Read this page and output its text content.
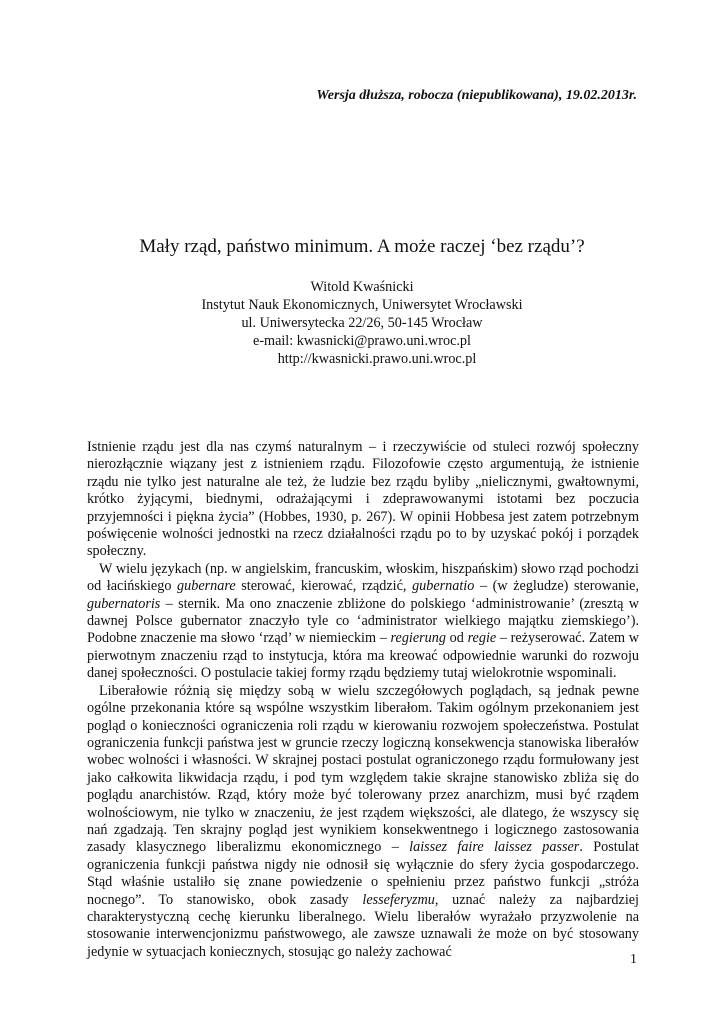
Wersja dłuższa, robocza (niepublikowana), 19.02.2013r.
Mały rząd, państwo minimum. A może raczej ‘bez rządu’?
Witold Kwaśnicki
Instytut Nauk Ekonomicznych, Uniwersytet Wrocławski
ul. Uniwersytecka 22/26, 50-145 Wrocław
e-mail: kwasnicki@prawo.uni.wroc.pl
http://kwasnicki.prawo.uni.wroc.pl

Istnienie rządu jest dla nas czymś naturalnym – i rzeczywiście od stuleci rozwój społeczny nierozłącznie wiązany jest z istnieniem rządu. Filozofowie często argumentują, że istnienie rządu nie tylko jest naturalne ale też, że ludzie bez rządu byliby „nielicznymi, gwałtownymi, krótko żyjącymi, biednymi, odrażającymi i zdeprawowanymi istotami bez poczucia przyjemności i piękna życia” (Hobbes, 1930, p. 267). W opinii Hobbesa jest zatem potrzebnym poświęcenie wolności jednostki na rzecz działalności rządu po to by uzyskać pokój i porządek społeczny.

W wielu językach (np. w angielskim, francuskim, włoskim, hiszpańskim) słowo rząd pochodzi od łacińskiego gubernare sterować, kierować, rządzić, gubernatio – (w żegludze) sterowanie, gubernatoris – sternik. Ma ono znaczenie zbliżone do polskiego ‘administrowanie’ (zresztą w dawnej Polsce gubernator znaczyło tyle co ‘administrator wielkiego majątku ziemskiego’). Podobne znaczenie ma słowo ‘rząd’ w niemieckim – regierung od regie – reżyserować. Zatem w pierwotnym znaczeniu rząd to instytucja, która ma kreować odpowiednie warunki do rozwoju danej społeczności. O postulacie takiej formy rządu będziemy tutaj wielokrotnie wspominali.

Liberałowie różnią się między sobą w wielu szczegółowych poglądach, są jednak pewne ogólne przekonania które są wspólne wszystkim liberałom. Takim ogólnym przekonaniem jest pogląd o konieczności ograniczenia roli rządu w kierowaniu rozwojem społeczeństwa. Postulat ograniczenia funkcji państwa jest w gruncie rzeczy logiczną konsekwencja stanowiska liberałów wobec wolności i własności. W skrajnej postaci postulat ograniczonego rządu formułowany jest jako całkowita likwidacja rządu, i pod tym względem takie skrajne stanowisko zbliża się do poglądu anarchistów. Rząd, który może być tolerowany przez anarchizm, musi być rządem wolnościowym, nie tylko w znaczeniu, że jest rządem większości, ale dlatego, że wszyscy się nań zgadzają. Ten skrajny pogląd jest wynikiem konsekwentnego i logicznego zastosowania zasady klasycznego liberalizmu ekonomicznego – laissez faire laissez passer. Postulat ograniczenia funkcji państwa nigdy nie odnosił się wyłącznie do sfery życia gospodarczego. Stąd właśnie ustaliło się znane powiedzenie o spełnieniu przez państwo funkcji „stróża nocnego”. To stanowisko, obok zasady lesseferyzmu, uznać należy za najbardziej charakterystyczną cechę kierunku liberalnego. Wielu liberałów wyrażało przyzwolenie na stosowanie interwencjonizmu państwowego, ale zawsze uznawali że może on być stosowany jedynie w sytuacjach koniecznych, stosując go należy zachować	1
